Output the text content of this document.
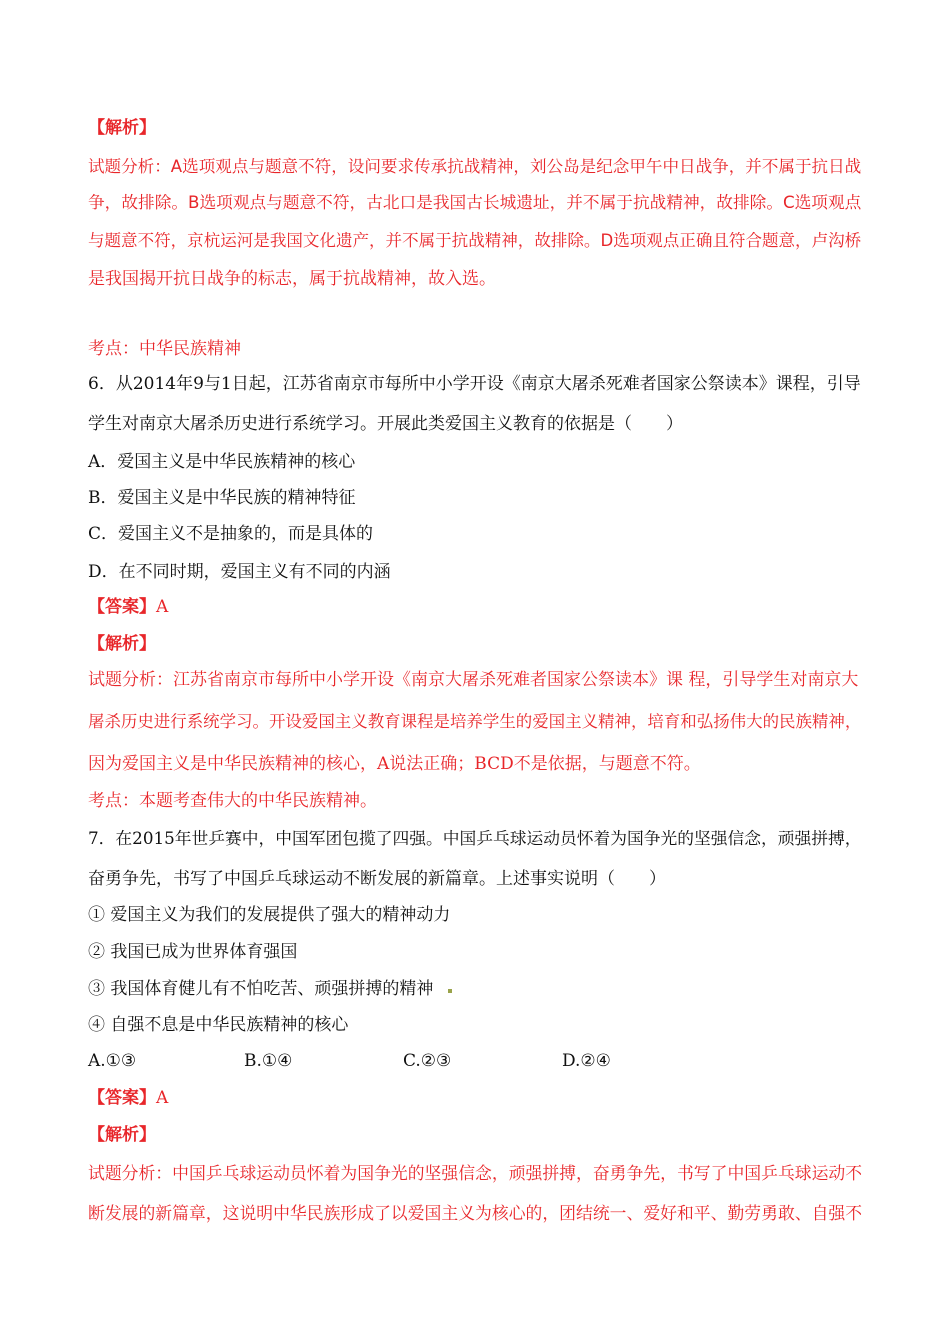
【解析】
试题分析：A选项观点与题意不符，设问要求传承抗战精神，刘公岛是纪念甲午中日战争，并不属于抗日战
争，故排除。B选项观点与题意不符，古北口是我国古长城遗址，并不属于抗战精神，故排除。C选项观点
与题意不符，京杭运河是我国文化遗产，并不属于抗战精神，故排除。D选项观点正确且符合题意，卢沟桥
是我国揭开抗日战争的标志，属于抗战精神，故入选。
考点：中华民族精神
6．从2014年9与1日起，江苏省南京市每所中小学开设《南京大屠杀死难者国家公祭读本》课程，引导
学生对南京大屠杀历史进行系统学习。开展此类爱国主义教育的依据是（　　）
A．爱国主义是中华民族精神的核心
B．爱国主义是中华民族的精神特征
C．爱国主义不是抽象的，而是具体的
D．在不同时期，爱国主义有不同的内涵
【答案】A
【解析】
试题分析：江苏省南京市每所中小学开设《南京大屠杀死难者国家公祭读本》课 程，引导学生对南京大
屠杀历史进行系统学习。开设爱国主义教育课程是培养学生的爱国主义精神，培育和弘扬伟大的民族精神，
因为爱国主义是中华民族精神的核心，A说法正确；BCD不是依据，与题意不符。
考点：本题考查伟大的中华民族精神。
7．在2015年世乒赛中，中国军团包揽了四强。中国乒乓球运动员怀着为国争光的坚强信念，顽强拼搏，
奋勇争先，书写了中国乒乓球运动不断发展的新篇章。上述事实说明（　　）
① 爱国主义为我们的发展提供了强大的精神动力
② 我国已成为世界体育强国
③ 我国体育健儿有不怕吃苦、顽强拼搏的精神
④ 自强不息是中华民族精神的核心
A.①③	B.①④	C.②③	D.②④
【答案】A
【解析】
试题分析：中国乒乓球运动员怀着为国争光的坚强信念，顽强拼搏，奋勇争先，书写了中国乒乓球运动不
断发展的新篇章，这说明中华民族形成了以爱国主义为核心的，团结统一、爱好和平、勤劳勇敢、自强不
